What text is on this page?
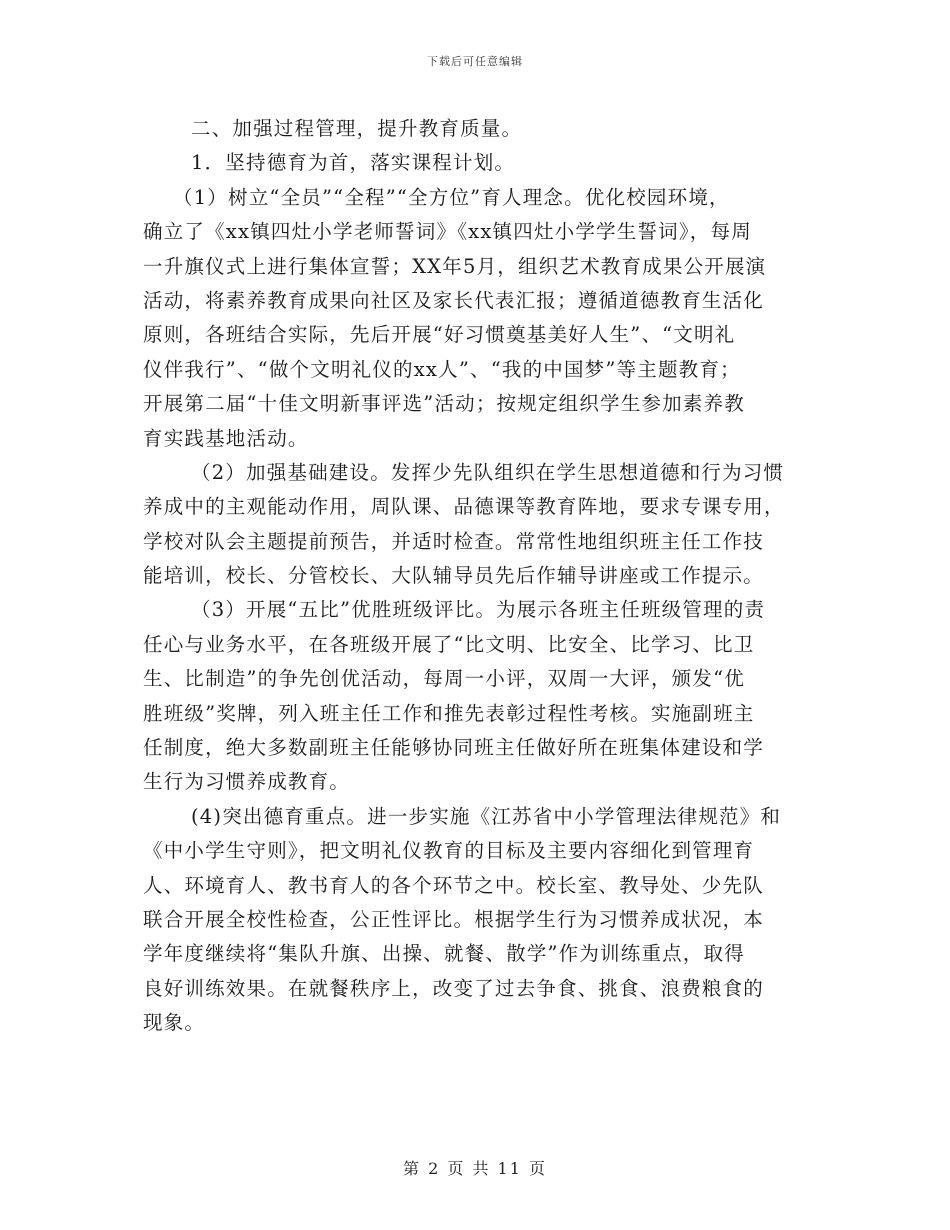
下载后可任意编辑
二、加强过程管理，提升教育质量。
1．坚持德育为首，落实课程计划。
（1）树立“全员”“全程”“全方位”育人理念。优化校园环境，
确立了《xx镇四灶小学老师誓词》《xx镇四灶小学学生誓词》，每周
一升旗仪式上进行集体宣誓；XX年5月，组织艺术教育成果公开展演
活动，将素养教育成果向社区及家长代表汇报；遵循道德教育生活化
原则，各班结合实际，先后开展“好习惯奠基美好人生”、“文明礼
仪伴我行”、“做个文明礼仪的xx人”、“我的中国梦”等主题教育；
开展第二届“十佳文明新事评选”活动；按规定组织学生参加素养教
育实践基地活动。
（2）加强基础建设。发挥少先队组织在学生思想道德和行为习惯
养成中的主观能动作用，周队课、品德课等教育阵地，要求专课专用，
学校对队会主题提前预告，并适时检查。常常性地组织班主任工作技
能培训，校长、分管校长、大队辅导员先后作辅导讲座或工作提示。
（3）开展“五比”优胜班级评比。为展示各班主任班级管理的责
任心与业务水平，在各班级开展了“比文明、比安全、比学习、比卫
生、比制造”的争先创优活动，每周一小评，双周一大评，颁发“优
胜班级”奖牌，列入班主任工作和推先表彰过程性考核。实施副班主
任制度，绝大多数副班主任能够协同班主任做好所在班集体建设和学
生行为习惯养成教育。
(4)突出德育重点。进一步实施《江苏省中小学管理法律规范》和
《中小学生守则》，把文明礼仪教育的目标及主要内容细化到管理育
人、环境育人、教书育人的各个环节之中。校长室、教导处、少先队
联合开展全校性检查，公正性评比。根据学生行为习惯养成状况，本
学年度继续将“集队升旗、出操、就餐、散学”作为训练重点，取得
良好训练效果。在就餐秩序上，改变了过去争食、挑食、浪费粮食的
现象。
第 2 页 共 11 页
